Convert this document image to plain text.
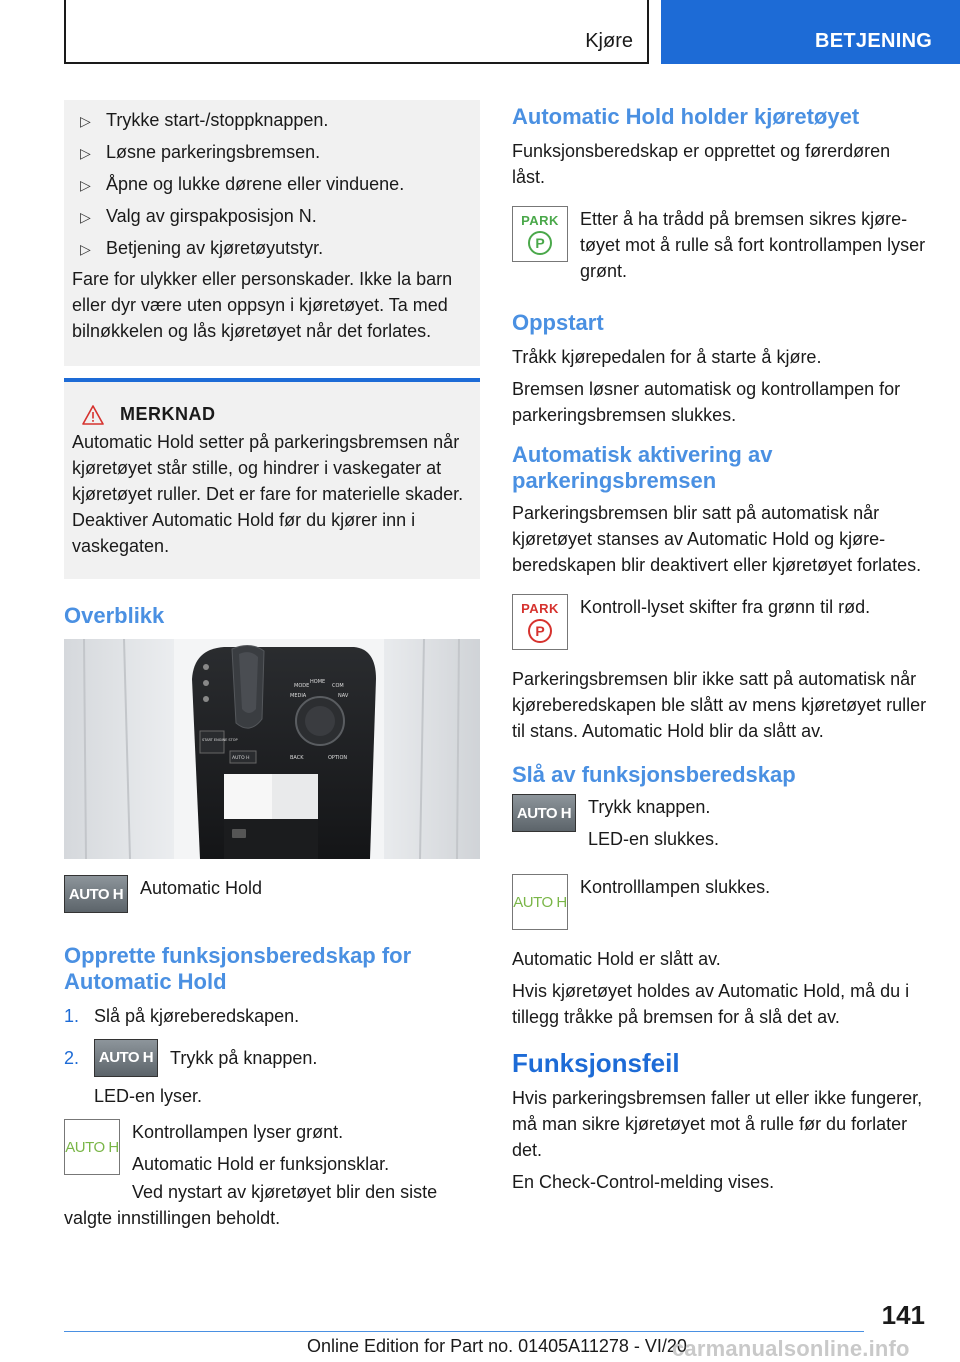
Kjøre	BETJENING
▷ Trykke start-/stoppknappen.
▷ Løsne parkeringsbremsen.
▷ Åpne og lukke dørene eller vinduene.
▷ Valg av girspakposisjon N.
▷ Betjening av kjøretøyutstyr.

Fare for ulykker eller personskader. Ikke la barn eller dyr være uten oppsyn i kjøretøyet. Ta med bilnøkkelen og lås kjøretøyet når det forlates.

MERKNAD

Automatic Hold setter på parkeringsbremsen når kjøretøyet står stille, og hindrer i vaskegater at kjøretøyet ruller. Det er fare for materielle skader. Deaktiver Automatic Hold før du kjører inn i vaskegaten.

Overblikk
MODE
HOME
MEDIA
COM
NAV
BACK	OPTION
START ENGINE STOP
AUTO H
AUTO H Automatic Hold
Opprette funksjonsberedskap for Automatic Hold
1. Slå på kjøreberedskapen.
2.	AUTO H Trykk på knappen.

LED-en lyser.

AUTO H

Kontrollampen lyser grønt.

Automatic Hold er funksjonsklar.

Ved nystart av kjøretøyet blir den siste valgte innstillingen beholdt.

Automatic Hold holder kjøretøyet

Funksjonsberedskap er opprettet og førerdøren låst.

PARK
P
Etter å ha trådd på bremsen sikres kjøretøyet mot å rulle så fort kontrollampen lyser grønt.
Oppstart

Tråkk kjørepedalen for å starte å kjøre.

Bremsen løsner automatisk og kontrollampen for parkeringsbremsen slukkes.

Automatisk aktivering av parkeringsbremsen

Parkeringsbremsen blir satt på automatisk når kjøretøyet stanses av Automatic Hold og kjøreberedskapen blir deaktivert eller kjøretøyet forlates.

PARK
P
Kontroll-lyset skifter fra grønn til rød.

Parkeringsbremsen blir ikke satt på automatisk når kjøreberedskapen ble slått av mens kjøretøyet ruller til stans. Automatic Hold blir da slått av.

Slå av funksjonsberedskap
AUTO H Trykk knappen.

LED-en slukkes.

AUTO H
Kontrolllampen slukkes.

Automatic Hold er slått av.

Hvis kjøretøyet holdes av Automatic Hold, må du i tillegg tråkke på bremsen for å slå det av.

Funksjonsfeil

Hvis parkeringsbremsen faller ut eller ikke fungerer, må man sikre kjøretøyet mot å rulle før du forlater det.

En Check-Control-melding vises.

141
Online Edition for Part no. 01405A11278 - VI/20
carmanualsonline.info
